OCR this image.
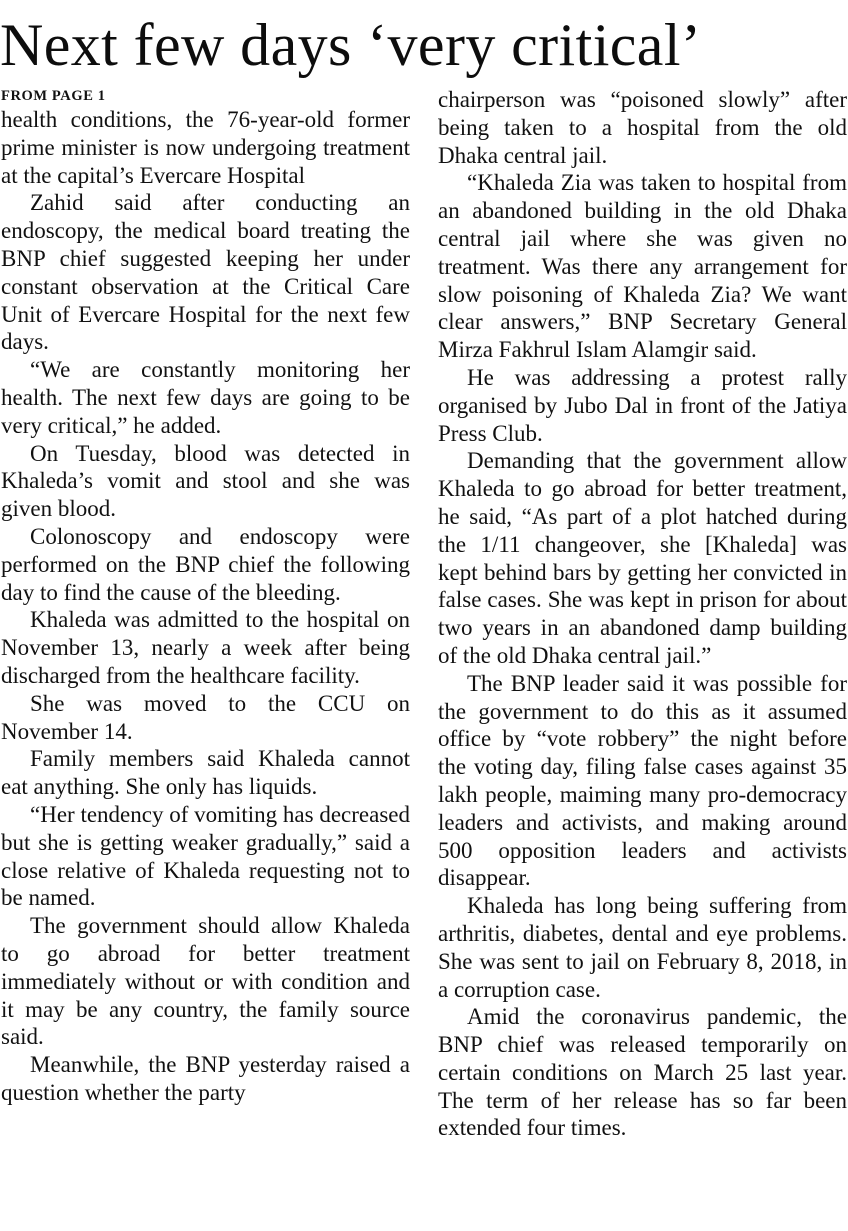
Next few days ‘very critical’
FROM PAGE 1

health conditions, the 76-year-old former prime minister is now undergoing treatment at the capital’s Evercare Hospital

Zahid said after conducting an endoscopy, the medical board treating the BNP chief suggested keeping her under constant observation at the Critical Care Unit of Evercare Hospital for the next few days.

“We are constantly monitoring her health. The next few days are going to be very critical,” he added.

On Tuesday, blood was detected in Khaleda’s vomit and stool and she was given blood.

Colonoscopy and endoscopy were performed on the BNP chief the following day to find the cause of the bleeding.

Khaleda was admitted to the hospital on November 13, nearly a week after being discharged from the healthcare facility.

She was moved to the CCU on November 14.

Family members said Khaleda cannot eat anything. She only has liquids.

“Her tendency of vomiting has decreased but she is getting weaker gradually,” said a close relative of Khaleda requesting not to be named.

The government should allow Khaleda to go abroad for better treatment immediately without or with condition and it may be any country, the family source said.

Meanwhile, the BNP yesterday raised a question whether the party

chairperson was “poisoned slowly” after being taken to a hospital from the old Dhaka central jail.

“Khaleda Zia was taken to hospital from an abandoned building in the old Dhaka central jail where she was given no treatment. Was there any arrangement for slow poisoning of Khaleda Zia? We want clear answers,” BNP Secretary General Mirza Fakhrul Islam Alamgir said.

He was addressing a protest rally organised by Jubo Dal in front of the Jatiya Press Club.

Demanding that the government allow Khaleda to go abroad for better treatment, he said, “As part of a plot hatched during the 1/11 changeover, she [Khaleda] was kept behind bars by getting her convicted in false cases. She was kept in prison for about two years in an abandoned damp building of the old Dhaka central jail.”

The BNP leader said it was possible for the government to do this as it assumed office by “vote robbery” the night before the voting day, filing false cases against 35 lakh people, maiming many pro-democracy leaders and activists, and making around 500 opposition leaders and activists disappear.

Khaleda has long being suffering from arthritis, diabetes, dental and eye problems. She was sent to jail on February 8, 2018, in a corruption case.

Amid the coronavirus pandemic, the BNP chief was released temporarily on certain conditions on March 25 last year. The term of her release has so far been extended four times.
